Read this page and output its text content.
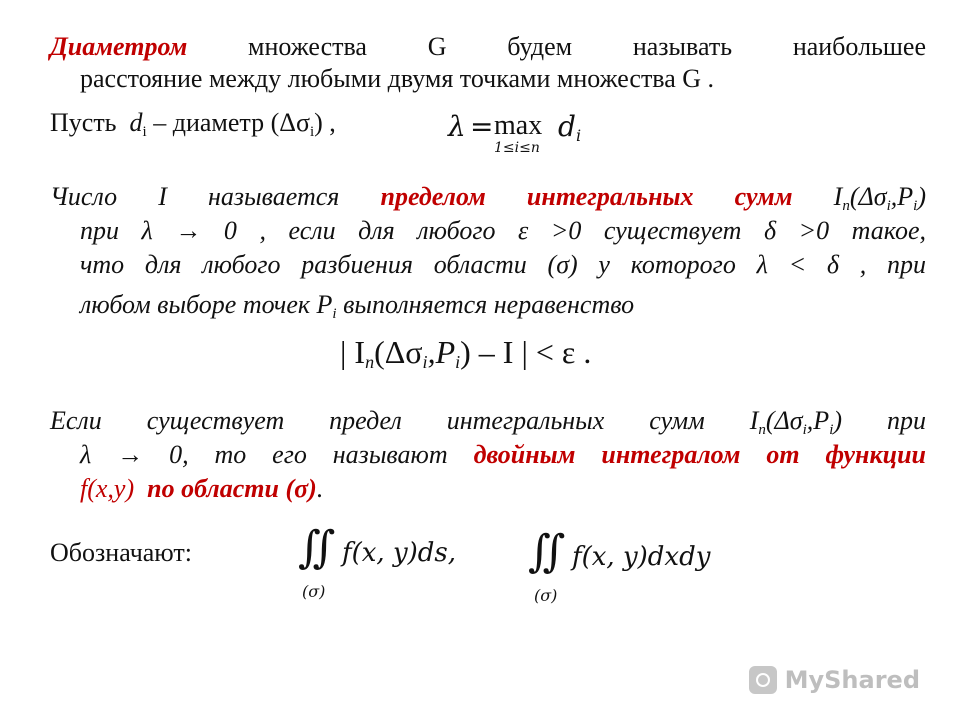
Диаметром множества G будем называть наибольшее
расстояние между любыми двумя точками множества G .
Пусть $d_i$ – диаметр $(\Delta\sigma_i)$ ,	λ = max
1≤i≤n
d i
Число I называется пределом интегральных сумм $I_n(\Delta\sigma_i,P_i)$
при λ → 0 , если для любого ε >0 существует δ >0 такое,
что для любого разбиения области (σ) у которого λ < δ , при
любом выборе точек $P_i$ выполняется неравенство
| $I_n(\Delta\sigma_i,P_i)$ – I | < ε .
Если существует предел интегральных сумм $I_n(\Delta\sigma_i,P_i)$ при
λ → 0, то его называют двойным интегралом от функции
f(x,y) по области (σ).
Обозначают: ∬ f(x, y)ds,
(σ)
∬ f(x, y)dxdy
(σ)
MyShared
